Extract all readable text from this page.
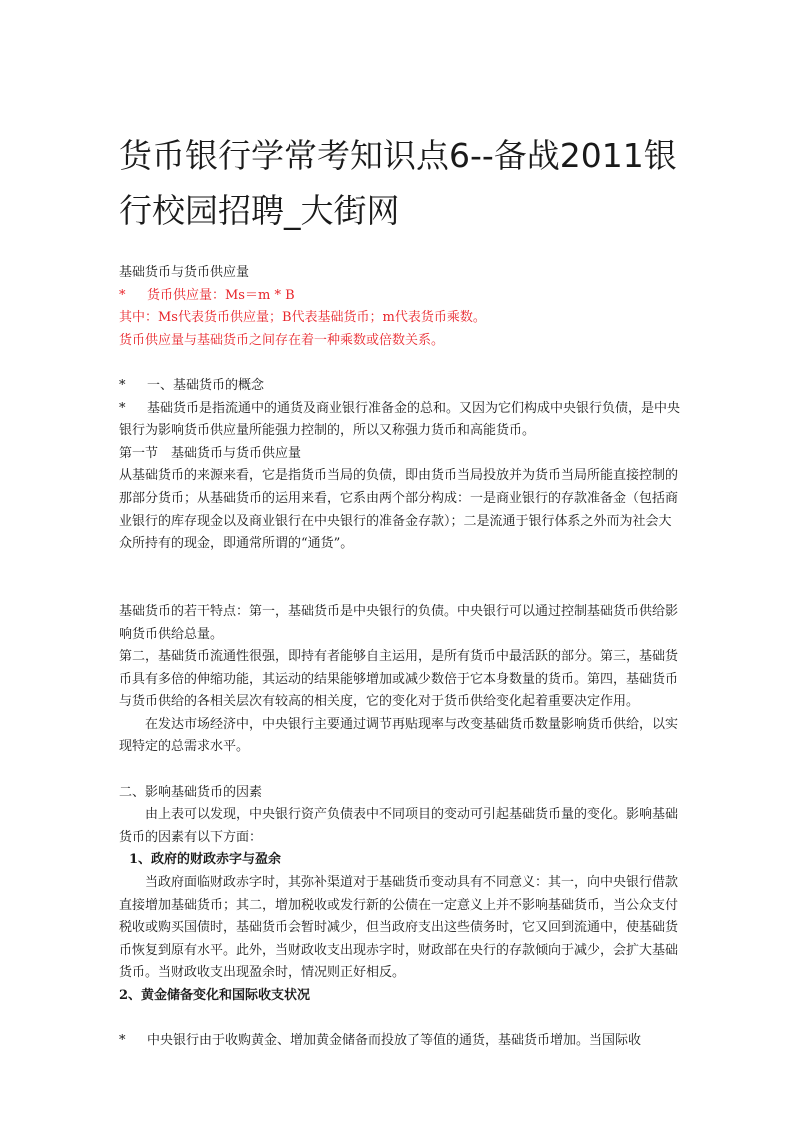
货币银行学常考知识点6--备战2011银行校园招聘_大街网

基础货币与货币供应量

* 货币供应量：Ms＝m * B

其中：Ms代表货币供应量；B代表基础货币；m代表货币乘数。

货币供应量与基础货币之间存在着一种乘数或倍数关系。

* 一、基础货币的概念

* 基础货币是指流通中的通货及商业银行准备金的总和。又因为它们构成中央银行负债，是中央银行为影响货币供应量所能强力控制的，所以又称强力货币和高能货币。

第一节　基础货币与货币供应量

从基础货币的来源来看，它是指货币当局的负债，即由货币当局投放并为货币当局所能直接控制的那部分货币；从基础货币的运用来看，它系由两个部分构成：一是商业银行的存款准备金（包括商业银行的库存现金以及商业银行在中央银行的准备金存款）；二是流通于银行体系之外而为社会大众所持有的现金，即通常所谓的“通货”。

基础货币的若干特点：第一，基础货币是中央银行的负债。中央银行可以通过控制基础货币供给影响货币供给总量。

第二，基础货币流通性很强，即持有者能够自主运用，是所有货币中最活跃的部分。第三，基础货币具有多倍的伸缩功能，其运动的结果能够增加或减少数倍于它本身数量的货币。第四，基础货币与货币供给的各相关层次有较高的相关度，它的变化对于货币供给变化起着重要决定作用。

在发达市场经济中，中央银行主要通过调节再贴现率与改变基础货币数量影响货币供给，以实现特定的总需求水平。

二、影响基础货币的因素

由上表可以发现，中央银行资产负债表中不同项目的变动可引起基础货币量的变化。影响基础货币的因素有以下方面：

1、政府的财政赤字与盈余

当政府面临财政赤字时，其弥补渠道对于基础货币变动具有不同意义：其一，向中央银行借款直接增加基础货币；其二，增加税收或发行新的公债在一定意义上并不影响基础货币，当公众支付税收或购买国债时，基础货币会暂时减少，但当政府支出这些债务时，它又回到流通中，使基础货币恢复到原有水平。此外，当财政收支出现赤字时，财政部在央行的存款倾向于减少，会扩大基础货币。当财政收支出现盈余时，情况则正好相反。

2、黄金储备变化和国际收支状况

* 中央银行由于收购黄金、增加黄金储备而投放了等值的通货，基础货币增加。当国际收
